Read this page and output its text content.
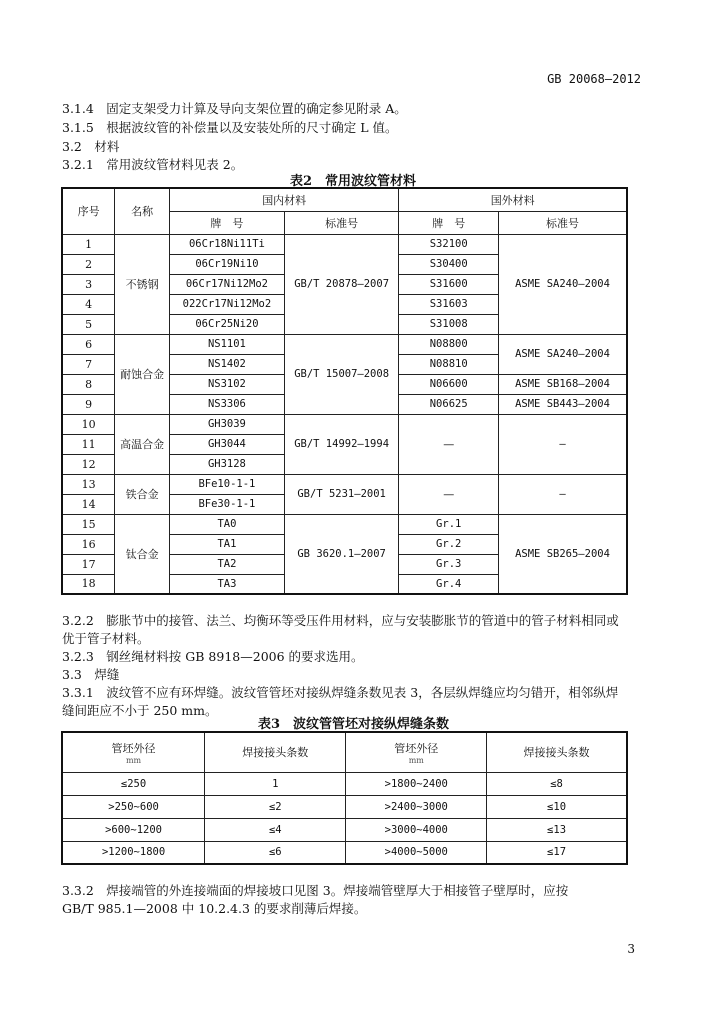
GB 20068—2012
3.1.4　固定支架受力计算及导向支架位置的确定参见附录 A。
3.1.5　根据波纹管的补偿量以及安装处所的尺寸确定 L 值。
3.2　材料
3.2.1　常用波纹管材料见表 2。
表2　常用波纹管材料
序号	名称	国内材料		国外材料	
		牌　号	标准号	牌　号	标准号
1	不锈钢	06Cr18Ni11Ti	GB/T 20878—2007	S32100	ASME SA240—2004
2		06Cr19Ni10		S30400	
3		06Cr17Ni12Mo2		S31600	
4		022Cr17Ni12Mo2		S31603	
5		06Cr25Ni20		S31008	
6	耐蚀合金	NS1101	GB/T 15007—2008	N08800	ASME SA240—2004
7		NS1402		N08810	
8		NS3102		N06600	ASME SB168—2004
9		NS3306		N06625	ASME SB443—2004
10	高温合金	GH3039	GB/T 14992—1994	—	—
11		GH3044			
12		GH3128			
13	铁合金	BFe10-1-1	GB/T 5231—2001	—	—
14		BFe30-1-1			
15	钛合金	TA0	GB 3620.1—2007	Gr.1	ASME SB265—2004
16		TA1		Gr.2	
17		TA2		Gr.3	
18		TA3		Gr.4	
3.2.2　膨胀节中的接管、法兰、均衡环等受压件用材料，应与安装膨胀节的管道中的管子材料相同或
优于管子材料。
3.2.3　钢丝绳材料按 GB 8918—2006 的要求选用。
3.3　焊缝
3.3.1　波纹管不应有环焊缝。波纹管管坯对接纵焊缝条数见表 3，各层纵焊缝应均匀错开，相邻纵焊
缝间距应不小于 250 mm。
表3　波纹管管坯对接纵焊缝条数
管坯外径
mm	焊接接头条数	管坯外径
mm	焊接接头条数
≤250	1	>1800~2400	≤8
>250~600	≤2	>2400~3000	≤10
>600~1200	≤4	>3000~4000	≤13
>1200~1800	≤6	>4000~5000	≤17
3.3.2　焊接端管的外连接端面的焊接坡口见图 3。焊接端管壁厚大于相接管子壁厚时，应按
GB/T 985.1—2008 中 10.2.4.3 的要求削薄后焊接。
3
